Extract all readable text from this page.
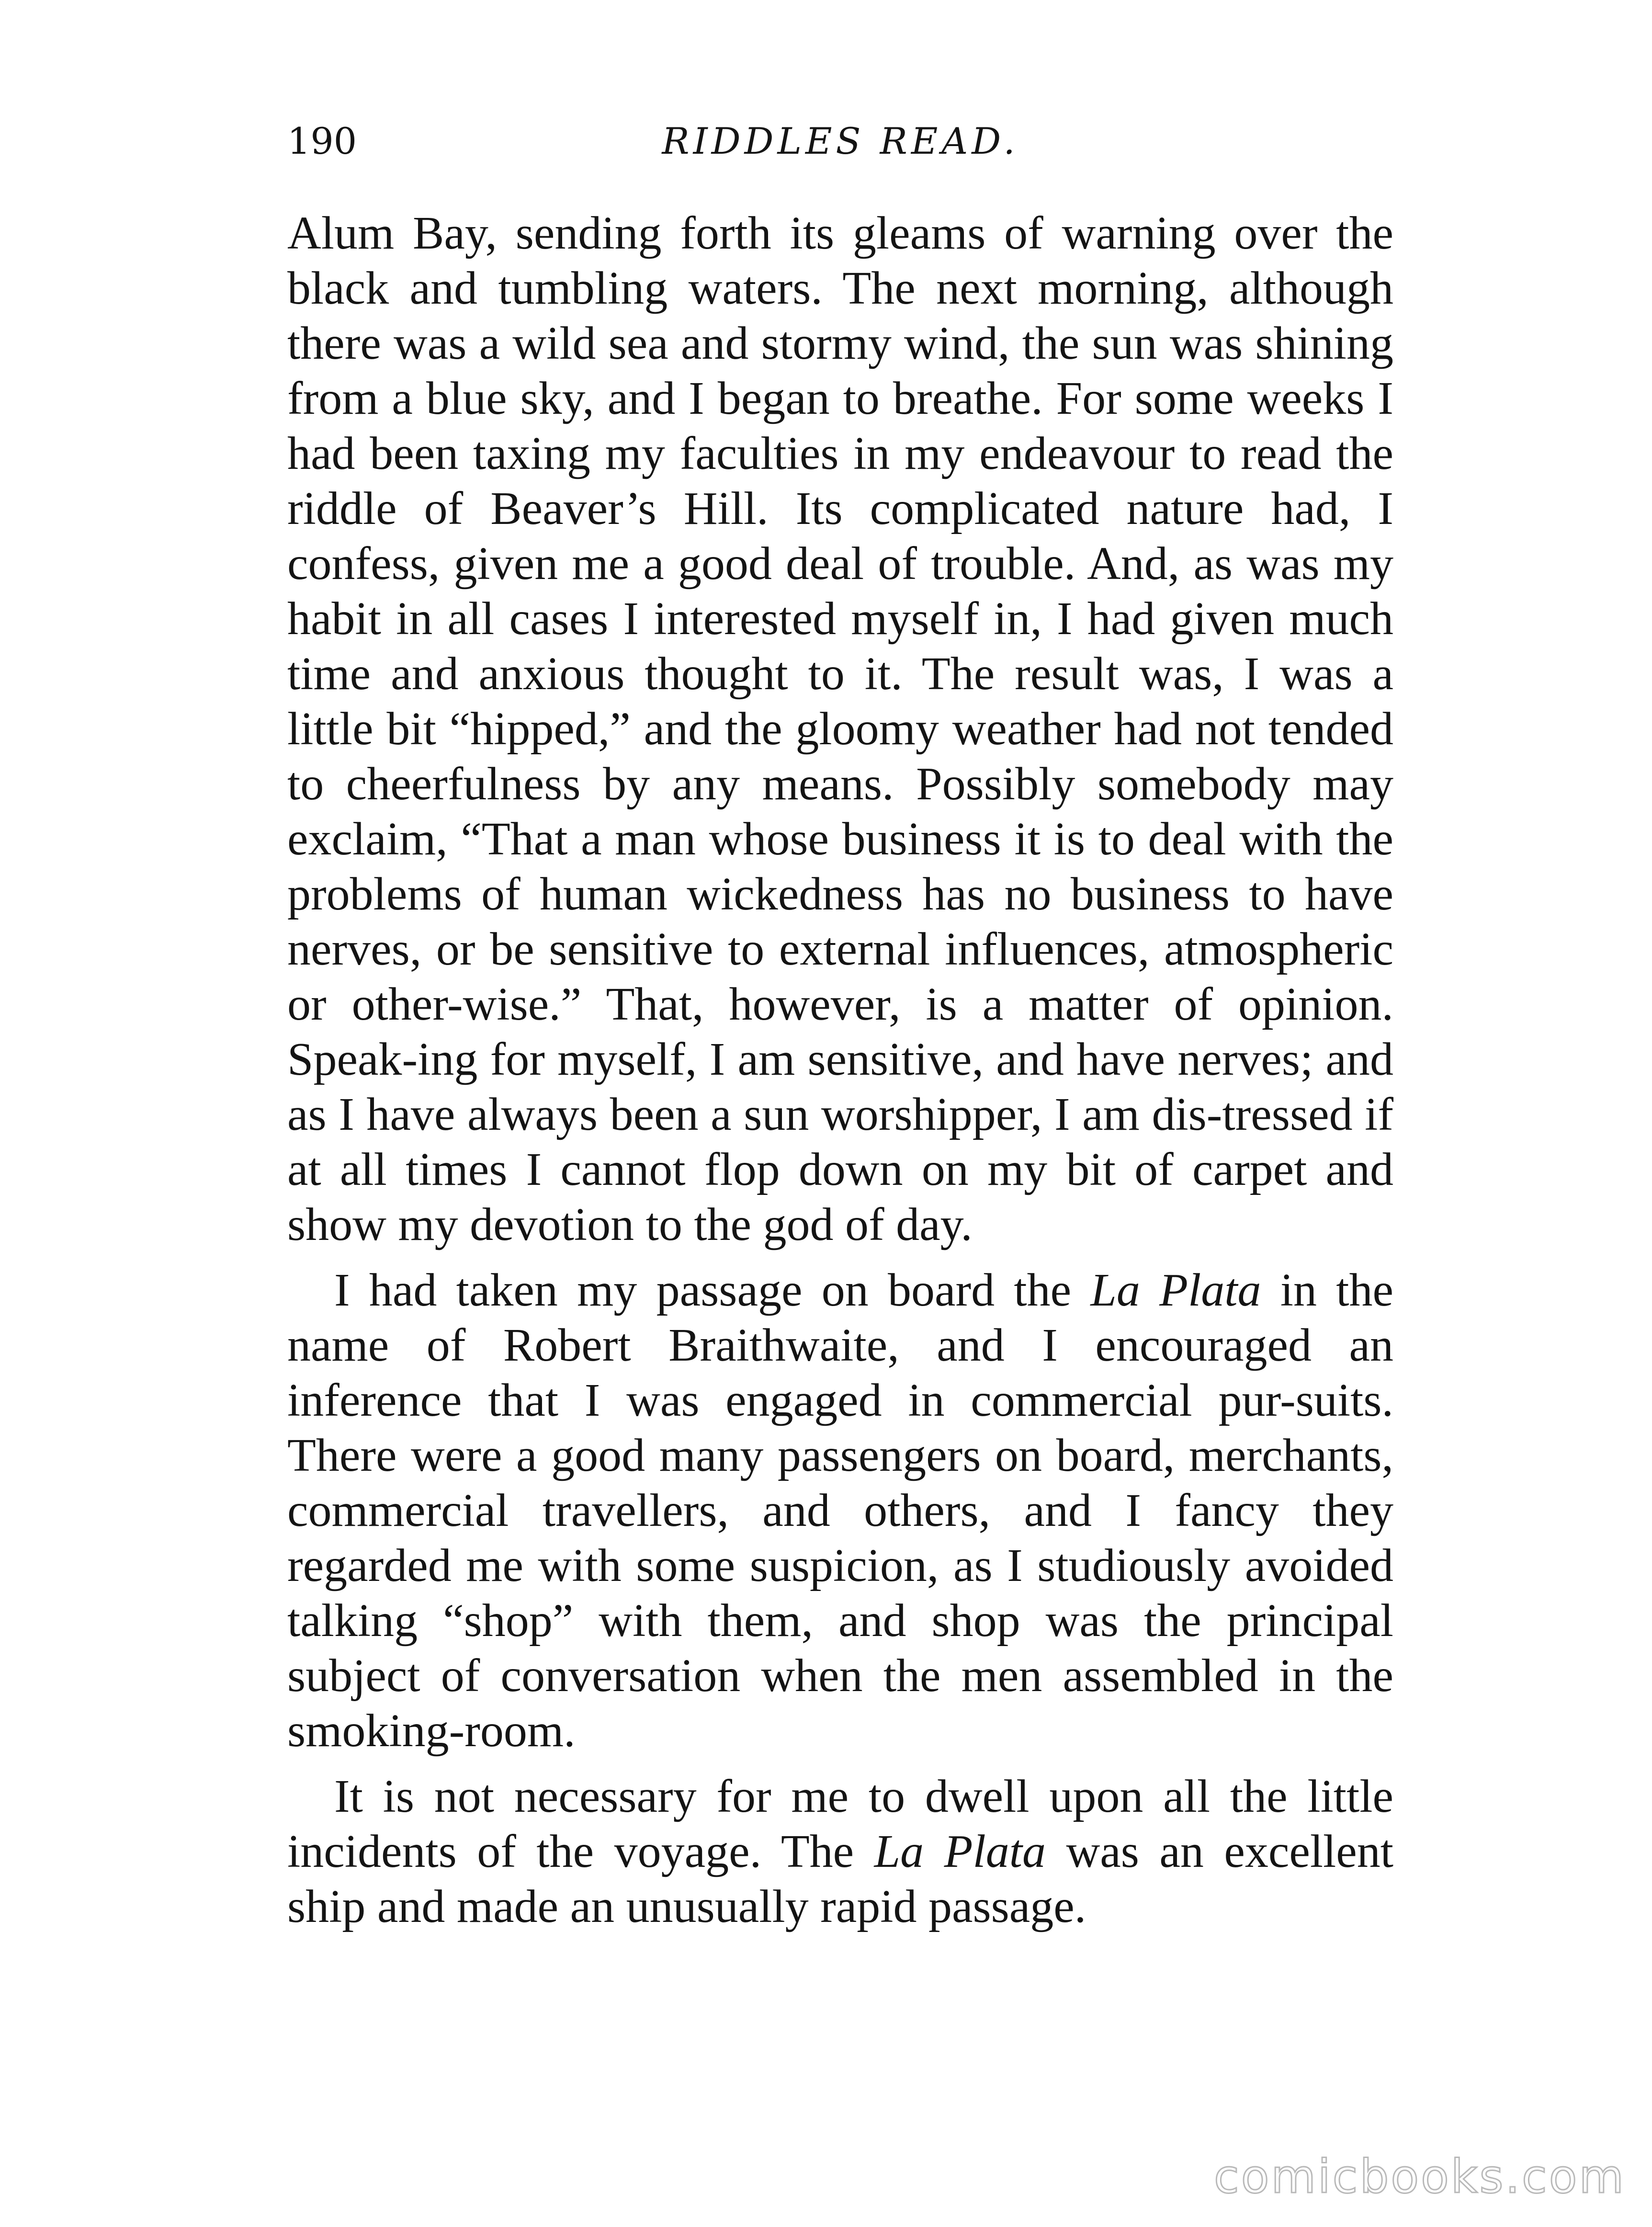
190	RIDDLES READ.

Alum Bay, sending forth its gleams of warning over the black and tumbling waters. The next morning, although there was a wild sea and stormy wind, the sun was shining from a blue sky, and I began to breathe. For some weeks I had been taxing my faculties in my endeavour to read the riddle of Beaver’s Hill. Its complicated nature had, I confess, given me a good deal of trouble. And, as was my habit in all cases I interested myself in, I had given much time and anxious thought to it. The result was, I was a little bit “hipped,” and the gloomy weather had not tended to cheerfulness by any means. Possibly somebody may exclaim, “That a man whose business it is to deal with the problems of human wickedness has no business to have nerves, or be sensitive to external influences, atmospheric or other-wise.” That, however, is a matter of opinion. Speak-ing for myself, I am sensitive, and have nerves; and as I have always been a sun worshipper, I am dis-tressed if at all times I cannot flop down on my bit of carpet and show my devotion to the god of day.

I had taken my passage on board the La Plata in the name of Robert Braithwaite, and I encouraged an inference that I was engaged in commercial pur-suits. There were a good many passengers on board, merchants, commercial travellers, and others, and I fancy they regarded me with some suspicion, as I studiously avoided talking “shop” with them, and shop was the principal subject of conversation when the men assembled in the smoking-room.

It is not necessary for me to dwell upon all the little incidents of the voyage. The La Plata was an excellent ship and made an unusually rapid passage.

comicbooks.com
